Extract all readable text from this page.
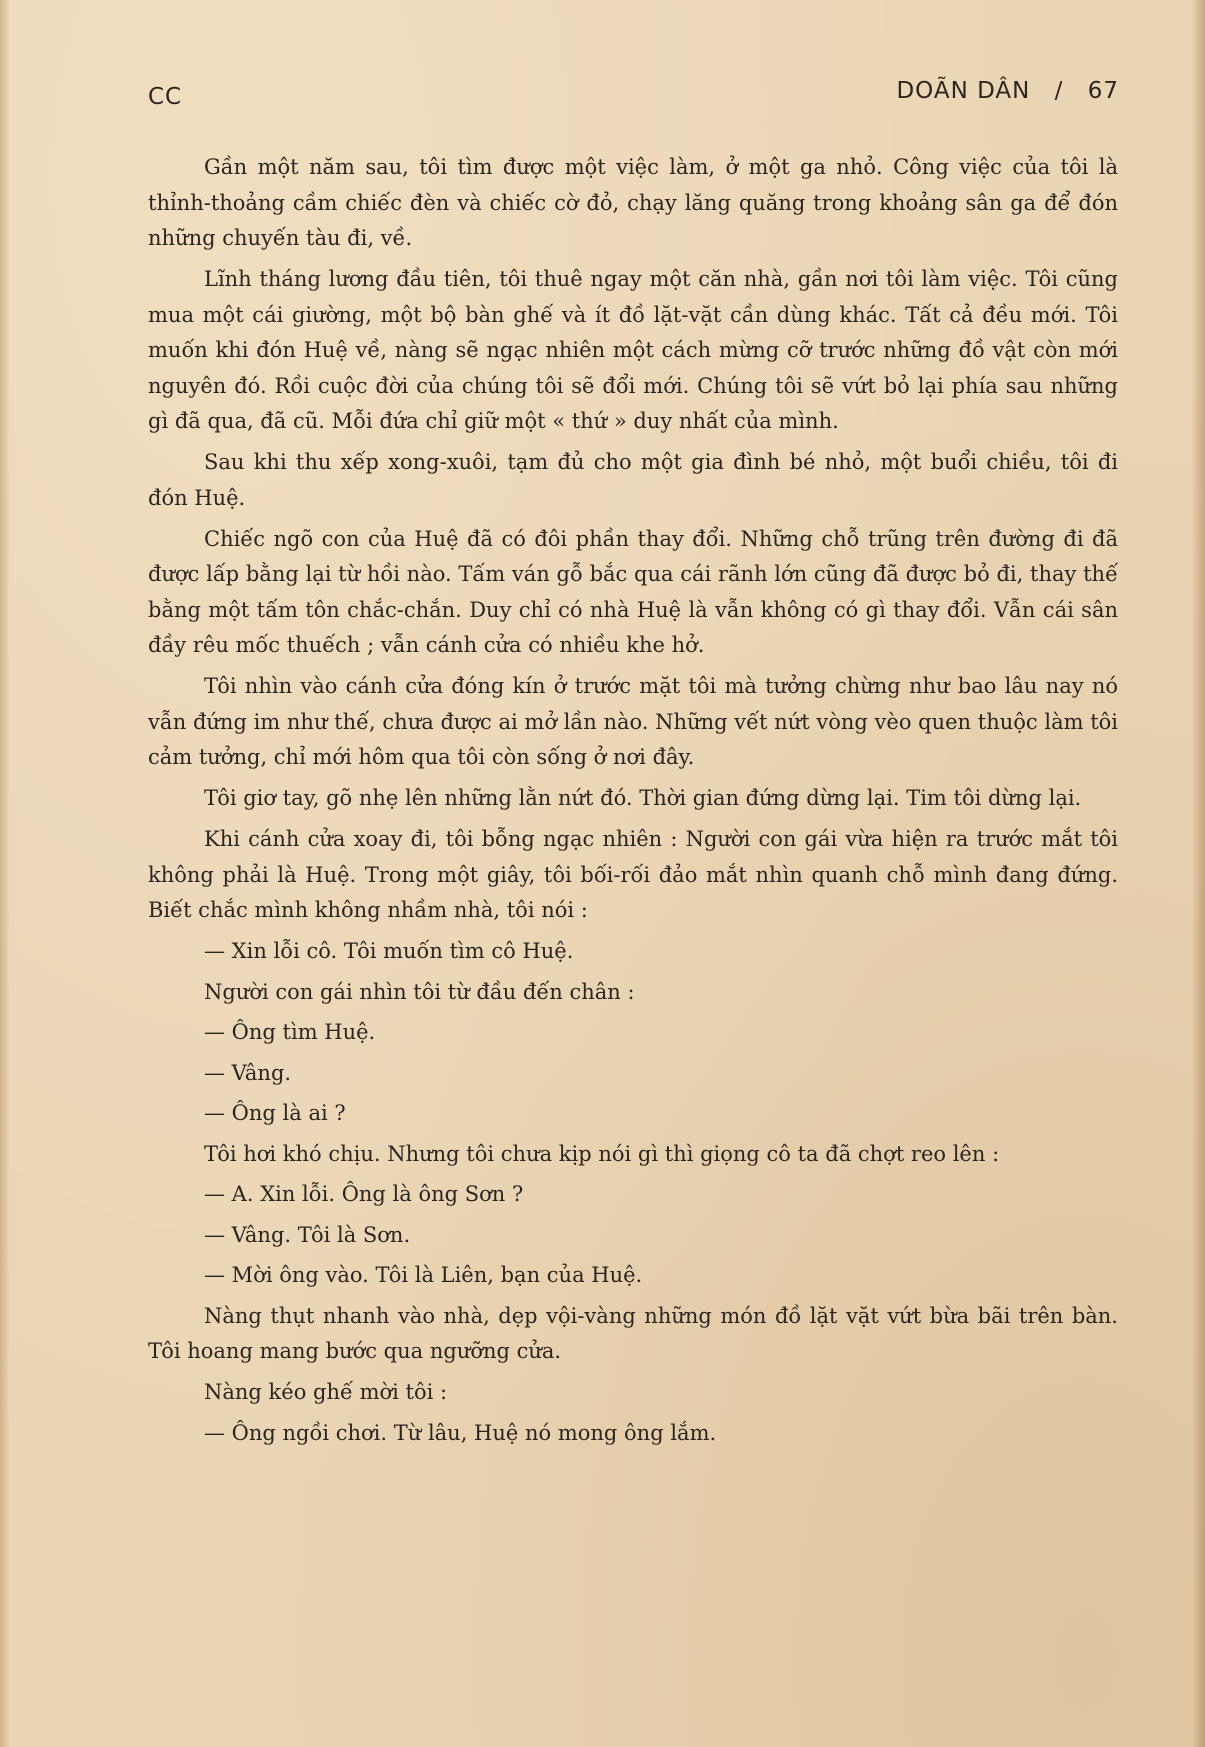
CC	DOÃN DÂN / 67

Gần một năm sau, tôi tìm được một việc làm, ở một ga nhỏ. Công việc của tôi là thỉnh-thoảng cầm chiếc đèn và chiếc cờ đỏ, chạy lăng quăng trong khoảng sân ga để đón những chuyến tàu đi, về.

Lĩnh tháng lương đầu tiên, tôi thuê ngay một căn nhà, gần nơi tôi làm việc. Tôi cũng mua một cái giường, một bộ bàn ghế và ít đồ lặt-vặt cần dùng khác. Tất cả đều mới. Tôi muốn khi đón Huệ về, nàng sẽ ngạc nhiên một cách mừng cỡ trước những đồ vật còn mới nguyên đó. Rồi cuộc đời của chúng tôi sẽ đổi mới. Chúng tôi sẽ vứt bỏ lại phía sau những gì đã qua, đã cũ. Mỗi đứa chỉ giữ một « thứ » duy nhất của mình.

Sau khi thu xếp xong-xuôi, tạm đủ cho một gia đình bé nhỏ, một buổi chiều, tôi đi đón Huệ.

Chiếc ngõ con của Huệ đã có đôi phần thay đổi. Những chỗ trũng trên đường đi đã được lấp bằng lại từ hồi nào. Tấm ván gỗ bắc qua cái rãnh lớn cũng đã được bỏ đi, thay thế bằng một tấm tôn chắc-chắn. Duy chỉ có nhà Huệ là vẫn không có gì thay đổi. Vẫn cái sân đầy rêu mốc thuếch ; vẫn cánh cửa có nhiều khe hở.

Tôi nhìn vào cánh cửa đóng kín ở trước mặt tôi mà tưởng chừng như bao lâu nay nó vẫn đứng im như thế, chưa được ai mở lần nào. Những vết nứt vòng vèo quen thuộc làm tôi cảm tưởng, chỉ mới hôm qua tôi còn sống ở nơi đây.

Tôi giơ tay, gõ nhẹ lên những lằn nứt đó. Thời gian đứng dừng lại. Tim tôi dừng lại.

Khi cánh cửa xoay đi, tôi bỗng ngạc nhiên : Người con gái vừa hiện ra trước mắt tôi không phải là Huệ. Trong một giây, tôi bối-rối đảo mắt nhìn quanh chỗ mình đang đứng. Biết chắc mình không nhầm nhà, tôi nói :

— Xin lỗi cô. Tôi muốn tìm cô Huệ.

Người con gái nhìn tôi từ đầu đến chân :

— Ông tìm Huệ.

— Vâng.

— Ông là ai ?

Tôi hơi khó chịu. Nhưng tôi chưa kịp nói gì thì giọng cô ta đã chợt reo lên :

— A. Xin lỗi. Ông là ông Sơn ?

— Vâng. Tôi là Sơn.

— Mời ông vào. Tôi là Liên, bạn của Huệ.

Nàng thụt nhanh vào nhà, dẹp vội-vàng những món đồ lặt vặt vứt bừa bãi trên bàn. Tôi hoang mang bước qua ngưỡng cửa.

Nàng kéo ghế mời tôi :

— Ông ngồi chơi. Từ lâu, Huệ nó mong ông lắm.
